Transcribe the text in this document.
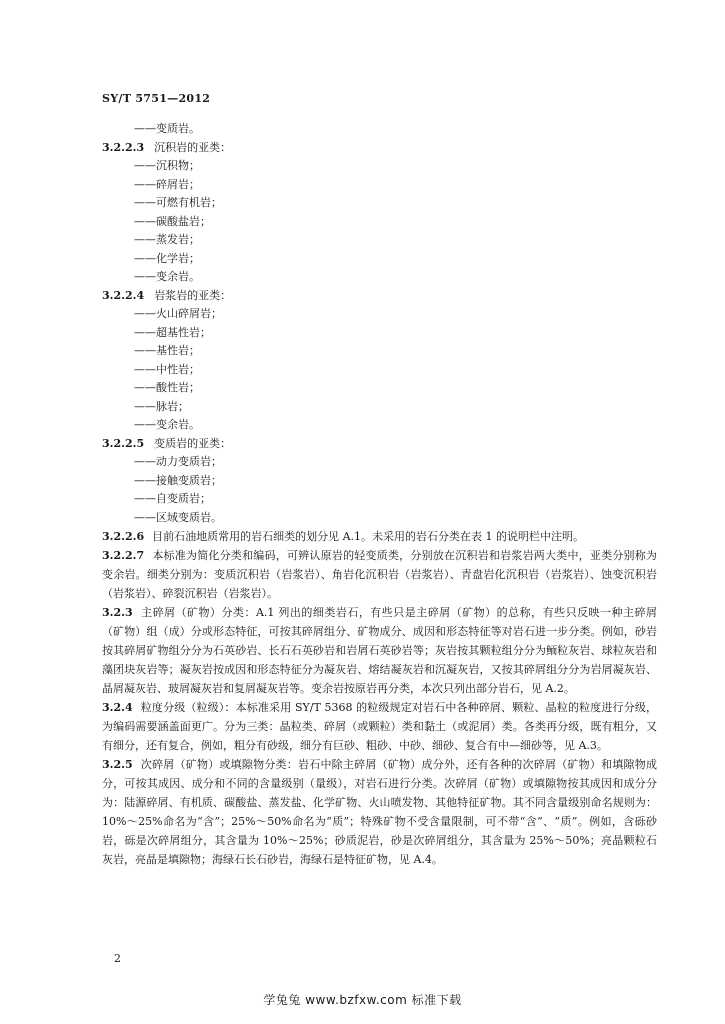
SY/T 5751—2012
——变质岩。
3.2.2.3 沉积岩的亚类：
——沉积物；
——碎屑岩；
——可燃有机岩；
——碳酸盐岩；
——蒸发岩；
——化学岩；
——变余岩。
3.2.2.4 岩浆岩的亚类：
——火山碎屑岩；
——超基性岩；
——基性岩；
——中性岩；
——酸性岩；
——脉岩；
——变余岩。
3.2.2.5 变质岩的亚类：
——动力变质岩；
——接触变质岩；
——自变质岩；
——区域变质岩。

3.2.2.6 目前石油地质常用的岩石细类的划分见 A.1。未采用的岩石分类在表 1 的说明栏中注明。

3.2.2.7 本标准为简化分类和编码，可辨认原岩的轻变质类，分别放在沉积岩和岩浆岩两大类中，亚类分别称为变余岩。细类分别为：变质沉积岩（岩浆岩）、角岩化沉积岩（岩浆岩）、青盘岩化沉积岩（岩浆岩）、蚀变沉积岩（岩浆岩）、碎裂沉积岩（岩浆岩）。

3.2.3 主碎屑（矿物）分类：A.1 列出的细类岩石，有些只是主碎屑（矿物）的总称，有些只反映一种主碎屑（矿物）组（成）分或形态特征，可按其碎屑组分、矿物成分、成因和形态特征等对岩石进一步分类。例如，砂岩按其碎屑矿物组分分为石英砂岩、长石石英砂岩和岩屑石英砂岩等；灰岩按其颗粒组分分为鲕粒灰岩、球粒灰岩和藻团块灰岩等；凝灰岩按成因和形态特征分为凝灰岩、熔结凝灰岩和沉凝灰岩，又按其碎屑组分分为岩屑凝灰岩、晶屑凝灰岩、玻屑凝灰岩和复屑凝灰岩等。变余岩按原岩再分类，本次只列出部分岩石，见 A.2。

3.2.4 粒度分级（粒级）：本标准采用 SY/T 5368 的粒级规定对岩石中各种碎屑、颗粒、晶粒的粒度进行分级，为编码需要涵盖面更广。分为三类：晶粒类、碎屑（或颗粒）类和黏土（或泥屑）类。各类再分级，既有粗分，又有细分，还有复合，例如，粗分有砂级，细分有巨砂、粗砂、中砂、细砂、复合有中—细砂等，见 A.3。

3.2.5 次碎屑（矿物）或填隙物分类：岩石中除主碎屑（矿物）成分外，还有各种的次碎屑（矿物）和填隙物成分，可按其成因、成分和不同的含量级别（量级），对岩石进行分类。次碎屑（矿物）或填隙物按其成因和成分分为：陆源碎屑、有机质、碳酸盐、蒸发盐、化学矿物、火山喷发物、其他特征矿物。其不同含量级别命名规则为：10%～25%命名为“含”；25%～50%命名为“质”；特殊矿物不受含量限制，可不带“含”、“质”。例如，含砾砂岩，砾是次碎屑组分，其含量为 10%～25%；砂质泥岩，砂是次碎屑组分，其含量为 25%～50%；亮晶颗粒石灰岩，亮晶是填隙物；海绿石长石砂岩，海绿石是特征矿物，见 A.4。

2
学兔兔 www.bzfxw.com 标准下载
